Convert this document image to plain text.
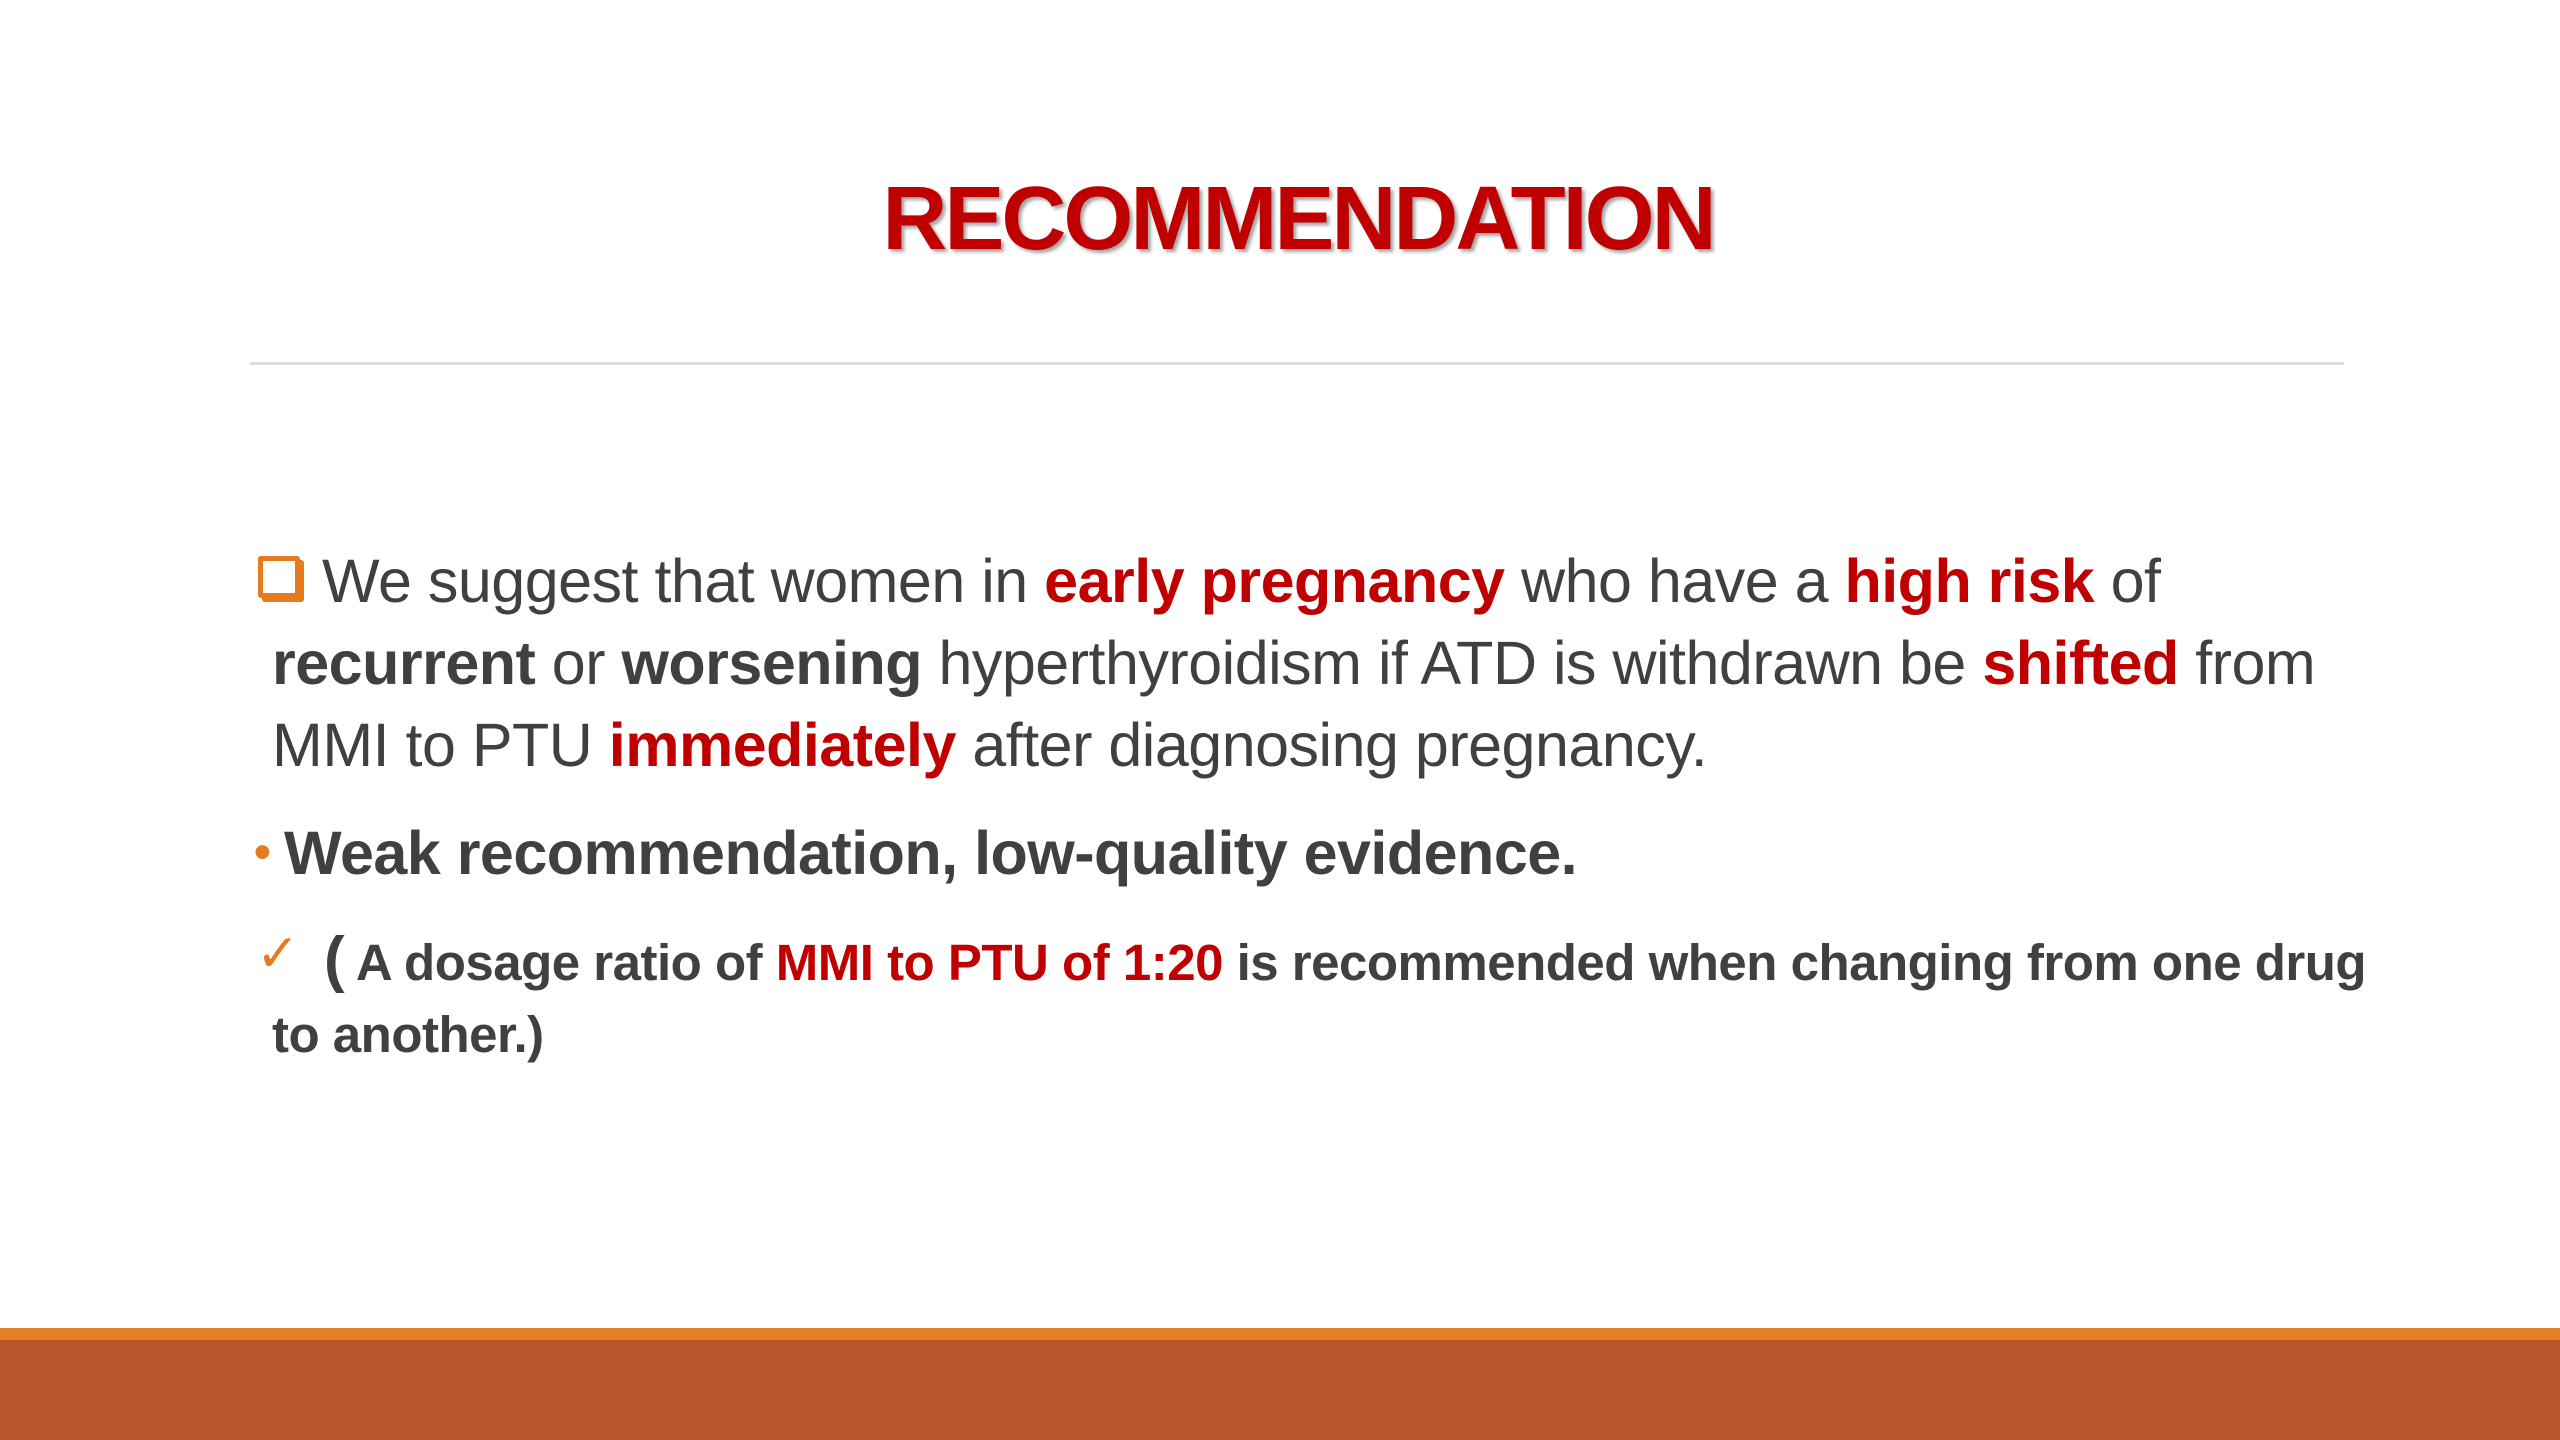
RECOMMENDATION
We suggest that women in early pregnancy who have a high risk of recurrent or worsening hyperthyroidism if ATD is withdrawn be shifted from MMI to PTU immediately after diagnosing pregnancy.
• Weak recommendation, low-quality evidence.
✓ ( A dosage ratio of MMI to PTU of 1:20 is recommended when changing from one drug to another.)
